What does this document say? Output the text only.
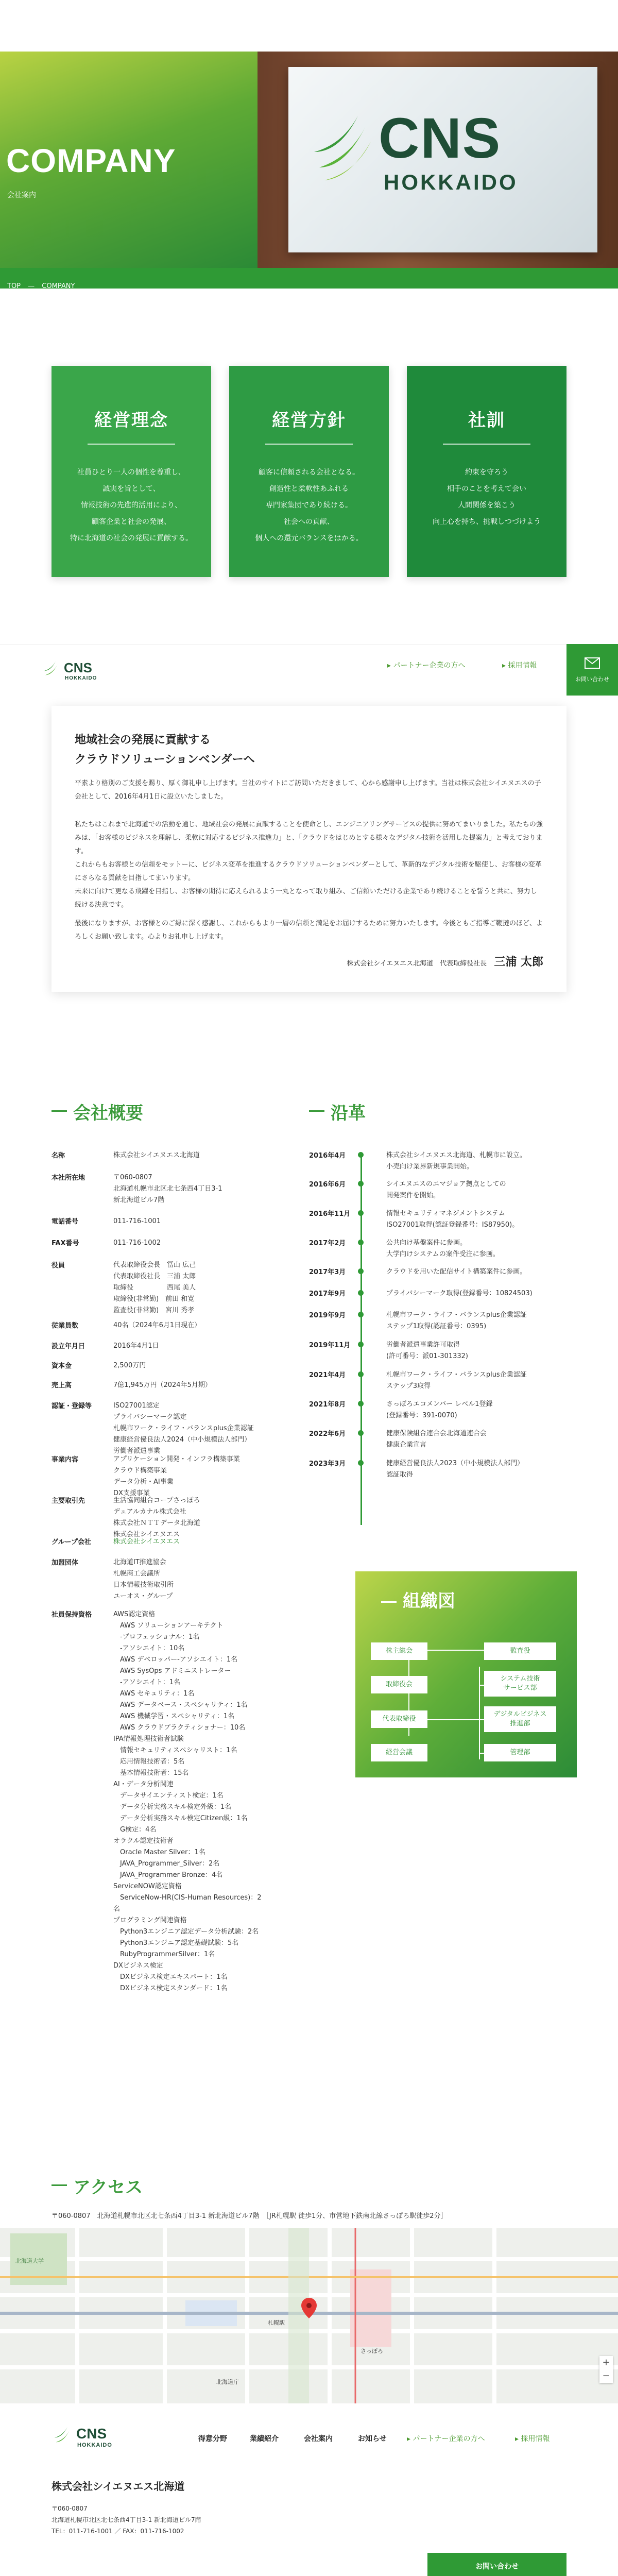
CNS
HOKKAIDO
COMPANY
会社案内
TOP — COMPANY
経営理念

社員ひとり一人の個性を尊重し、

誠実を旨として、

情報技術の先進的活用により、

顧客企業と社会の発展、

特に北海道の社会の発展に貢献する。

経営方針

顧客に信頼される会社となる。

創造性と柔軟性あふれる

専門家集団であり続ける。

社会への貢献、

個人への還元バランスをはかる。

社訓

約束を守ろう

相手のことを考えて会い

人間関係を築こう

向上心を持ち、挑戦しつづけよう

CNS
HOKKAIDO
▸ パートナー企業の方へ	▸ 採用情報
お問い合わせ
地域社会の発展に貢献する
クラウドソリューションベンダーへ

平素より格別のご支援を賜り、厚く御礼申し上げます。当社のサイトにご訪問いただきまして、心から感謝申し上げます。当社は株式会社シイエヌエスの子会社として、2016年4月1日に設立いたしました。

私たちはこれまで北海道での活動を通じ、地域社会の発展に貢献することを使命とし、エンジニアリングサービスの提供に努めてまいりました。私たちの強みは、「お客様のビジネスを理解し、柔軟に対応するビジネス推進力」と、「クラウドをはじめとする様々なデジタル技術を活用した提案力」と考えております。

これからもお客様との信頼をモットーに、ビジネス変革を推進するクラウドソリューションベンダーとして、革新的なデジタル技術を駆使し、お客様の変革にさらなる貢献を目指してまいります。

未来に向けて更なる飛躍を目指し、お客様の期待に応えられるよう一丸となって取り組み、ご信頼いただける企業であり続けることを誓うと共に、努力し続ける決意です。

最後になりますが、お客様とのご縁に深く感謝し、これからもより一層の信頼と満足をお届けするために努力いたします。今後ともご指導ご鞭撻のほど、よろしくお願い致します。心よりお礼申し上げます。

株式会社シイエヌエス北海道　代表取締役社長 三浦 太郎
会社概要
名称	株式会社シイエヌエス北海道
本社所在地	〒060-0807
北海道札幌市北区北七条西4丁目3-1
新北海道ビル7階
電話番号	011-716-1001
FAX番号	011-716-1002
役員	代表取締役会長　冨山 広己
代表取締役社長　三浦 太郎
取締役　　　　　西尾 美人
取締役(非常勤)　前田 和寛
監査役(非常勤)　宮川 秀孝
従業員数	40名（2024年6月1日現在）
設立年月日	2016年4月1日
資本金	2,500万円
売上高	7億1,945万円（2024年5月期）
認証・登録等	ISO27001認定
プライバシーマーク認定
札幌市ワーク・ライフ・バランスplus企業認証
健康経営優良法人2024（中小規模法人部門）
労働者派遣事業
事業内容	アプリケーション開発・インフラ構築事業
クラウド構築事業
データ分析・AI事業
DX支援事業
主要取引先	生活協同組合コープさっぽろ
デュアルカナル株式会社
株式会社ＮＴＴデータ北海道
株式会社シイエヌエス
グループ会社	株式会社シイエヌエス
加盟団体	北海道IT推進協会
札幌商工会議所
日本情報技術取引所
ユーオス・グループ
社員保持資格	AWS認定資格
　AWS ソリューションアーキテクト
　-プロフェッショナル：1名
　-アソシエイト：10名
　AWS デベロッパー-アソシエイト：1名
　AWS SysOps アドミニストレーター
　-アソシエイト：1名
　AWS セキュリティ：1名
　AWS データベース・スペシャリティ：1名
　AWS 機械学習・スペシャリティ：1名
　AWS クラウドプラクティショナー：10名
IPA情報処理技術者試験
　情報セキュリティスペシャリスト：1名
　応用情報技術者：5名
　基本情報技術者：15名
AI・データ分析関連
　データサイエンティスト検定：1名
　データ分析実務スキル検定外級：1名
　データ分析実務スキル検定Citizen級：1名
　G検定：4名
オラクル認定技術者
　Oracle Master Silver：1名
　JAVA_Programmer_Silver：2名
　JAVA_Programmer Bronze：4名
ServiceNOW認定資格
　ServiceNow-HR(CIS-Human Resources)：2名
プログラミング関連資格
　Python3エンジニア認定データ分析試験：2名
　Python3エンジニア認定基礎試験：5名
　RubyProgrammerSilver：1名
DXビジネス検定
　DXビジネス検定エキスパート：1名
　DXビジネス検定スタンダード：1名
沿革
2016年4月	株式会社シイエヌエス北海道、札幌市に設立。
小売向け業界新規事業開始。
2016年6月	シイエヌエスのエマジョア拠点としての
開発案件を開始。
2016年11月	情報セキュリティマネジメントシステム
ISO27001取得(認証登録番号：IS87950)。
2017年2月	公共向け基盤案件に参画。
大学向けシステムの案件受注に参画。
2017年3月	クラウドを用いた配信サイト構築案件に参画。
2017年9月	プライバシーマーク取得(登録番号：10824503)
2019年9月	札幌市ワーク・ライフ・バランスplus企業認証
ステップ1取得(認証番号：0395)
2019年11月	労働者派遣事業許可取得
(許可番号：派01-301332)
2021年4月	札幌市ワーク・ライフ・バランスplus企業認証
ステップ3取得
2021年8月	さっぽろエコメンバー レベル1登録
(登録番号：391-0070)
2022年6月	健康保険組合連合会北海道連合会
健康企業宣言
2023年3月	健康経営優良法人2023（中小規模法人部門）
認証取得
組織図
株主総会	監査役
取締役会
システム技術
サービス部
代表取締役
デジタルビジネス
推進部
経営会議	管理部
アクセス
〒060-0807　北海道札幌市北区北七条西4丁目3-1 新北海道ビル7階　［JR札幌駅 徒歩1分、市営地下鉄南北線さっぽろ駅徒歩2分］
北海道大学
札幌駅
さっぽろ
北海道庁
+
−
CNS
HOKKAIDO
得意分野	業績紹介	会社案内	お知らせ	▸ パートナー企業の方へ	▸ 採用情報
株式会社シイエヌエス北海道
〒060-0807
北海道札幌市北区北七条西4丁目3-1 新北海道ビル7階
TEL：011-716-1001 ／ FAX：011-716-1002
お問い合わせ
